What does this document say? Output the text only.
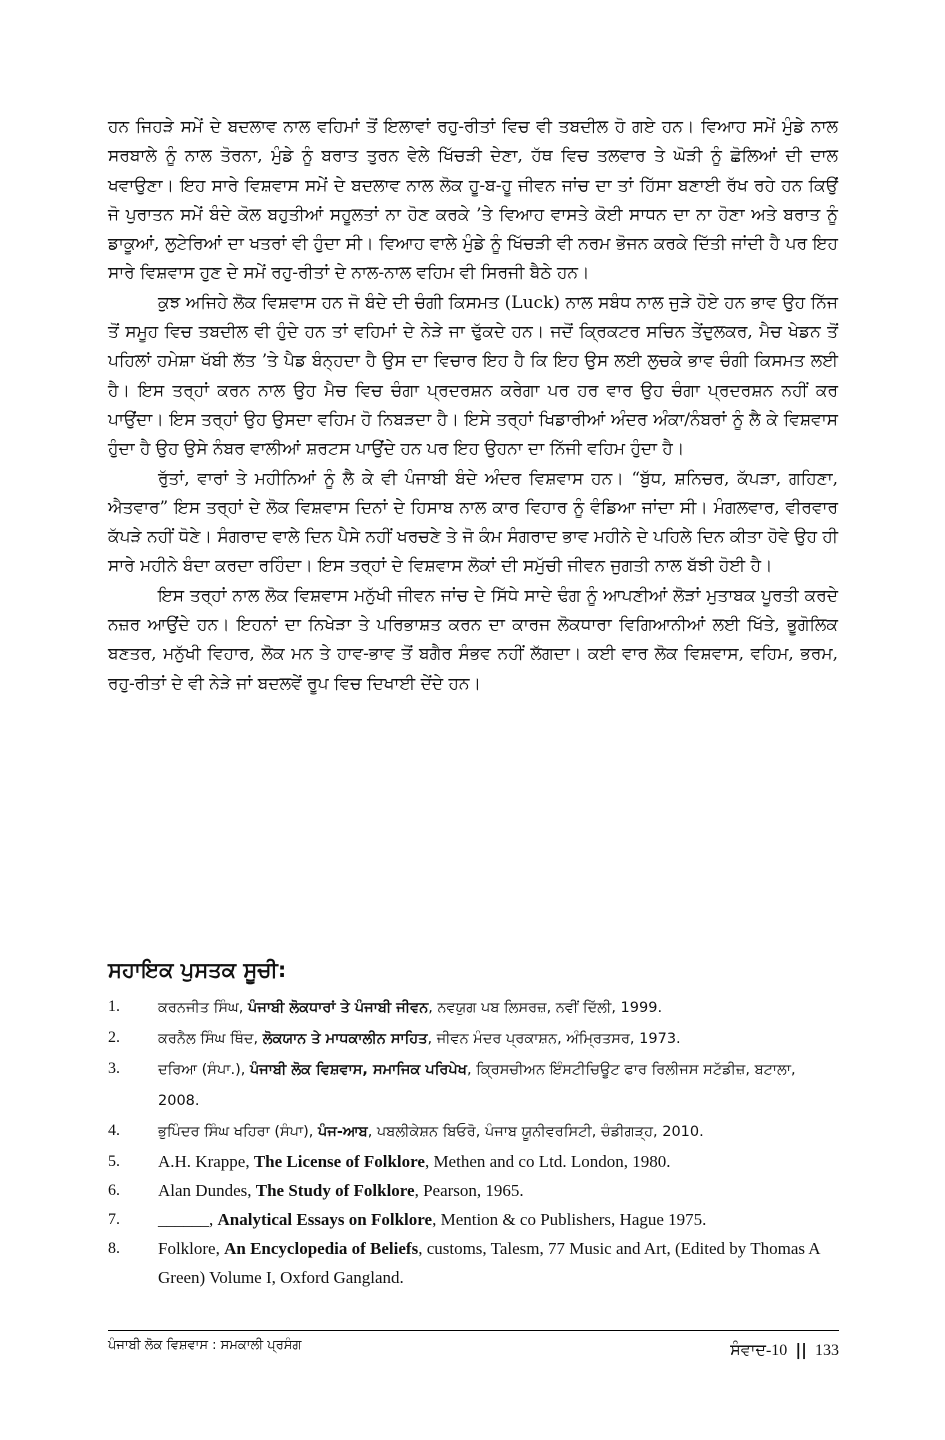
ਹਨ ਜਿਹੜੇ ਸਮੇਂ ਦੇ ਬਦਲਾਵ ਨਾਲ ਵਹਿਮਾਂ ਤੋਂ ਇਲਾਵਾਂ ਰਹੁ-ਰੀਤਾਂ ਵਿਚ ਵੀ ਤਬਦੀਲ ਹੋ ਗਏ ਹਨ। ਵਿਆਹ ਸਮੇਂ ਮੁੰਡੇ ਨਾਲ ਸਰਬਾਲੇ ਨੂੰ ਨਾਲ ਤੋਰਨਾ, ਮੁੰਡੇ ਨੂੰ ਬਰਾਤ ਤੁਰਨ ਵੇਲੇ ਖਿੱਚੜੀ ਦੇਣਾ, ਹੱਥ ਵਿਚ ਤਲਵਾਰ ਤੇ ਘੋੜੀ ਨੂੰ ਛੋਲਿਆਂ ਦੀ ਦਾਲ ਖਵਾਉਣਾ। ਇਹ ਸਾਰੇ ਵਿਸ਼ਵਾਸ ਸਮੇਂ ਦੇ ਬਦਲਾਵ ਨਾਲ ਲੋਕ ਹੂ-ਬ-ਹੂ ਜੀਵਨ ਜਾਂਚ ਦਾ ਤਾਂ ਹਿੱਸਾ ਬਣਾਈ ਰੱਖ ਰਹੇ ਹਨ ਕਿਉਂ ਜੋ ਪੁਰਾਤਨ ਸਮੇਂ ਬੰਦੇ ਕੋਲ ਬਹੁਤੀਆਂ ਸਹੂਲਤਾਂ ਨਾ ਹੋਣ ਕਰਕੇ ’ਤੇ ਵਿਆਹ ਵਾਸਤੇ ਕੋਈ ਸਾਧਨ ਦਾ ਨਾ ਹੋਣਾ ਅਤੇ ਬਰਾਤ ਨੂੰ ਡਾਕੂਆਂ, ਲੁਟੇਰਿਆਂ ਦਾ ਖਤਰਾਂ ਵੀ ਹੁੰਦਾ ਸੀ। ਵਿਆਹ ਵਾਲੇ ਮੁੰਡੇ ਨੂੰ ਖਿੱਚੜੀ ਵੀ ਨਰਮ ਭੋਜਨ ਕਰਕੇ ਦਿੱਤੀ ਜਾਂਦੀ ਹੈ ਪਰ ਇਹ ਸਾਰੇ ਵਿਸ਼ਵਾਸ ਹੁਣ ਦੇ ਸਮੇਂ ਰਹੁ-ਰੀਤਾਂ ਦੇ ਨਾਲ-ਨਾਲ ਵਹਿਮ ਵੀ ਸਿਰਜੀ ਬੈਠੇ ਹਨ।

ਕੁਝ ਅਜਿਹੇ ਲੋਕ ਵਿਸ਼ਵਾਸ ਹਨ ਜੋ ਬੰਦੇ ਦੀ ਚੰਗੀ ਕਿਸਮਤ (Luck) ਨਾਲ ਸਬੰਧ ਨਾਲ ਜੁੜੇ ਹੋਏ ਹਨ ਭਾਵ ਉਹ ਨਿੱਜ ਤੋਂ ਸਮੂਹ ਵਿਚ ਤਬਦੀਲ ਵੀ ਹੁੰਦੇ ਹਨ ਤਾਂ ਵਹਿਮਾਂ ਦੇ ਨੇੜੇ ਜਾ ਢੁੱਕਦੇ ਹਨ। ਜਦੋਂ ਕ੍ਰਿਕਟਰ ਸਚਿਨ ਤੇਂਦੁਲਕਰ, ਮੈਚ ਖੇਡਨ ਤੋਂ ਪਹਿਲਾਂ ਹਮੇਸ਼ਾ ਖੱਬੀ ਲੱਤ ’ਤੇ ਪੈਡ ਬੰਨ੍ਹਦਾ ਹੈ ਉਸ ਦਾ ਵਿਚਾਰ ਇਹ ਹੈ ਕਿ ਇਹ ਉਸ ਲਈ ਲੁਚਕੇ ਭਾਵ ਚੰਗੀ ਕਿਸਮਤ ਲਈ ਹੈ। ਇਸ ਤਰ੍ਹਾਂ ਕਰਨ ਨਾਲ ਉਹ ਮੈਚ ਵਿਚ ਚੰਗਾ ਪ੍ਰਦਰਸ਼ਨ ਕਰੇਗਾ ਪਰ ਹਰ ਵਾਰ ਉਹ ਚੰਗਾ ਪ੍ਰਦਰਸ਼ਨ ਨਹੀਂ ਕਰ ਪਾਉਂਦਾ। ਇਸ ਤਰ੍ਹਾਂ ਉਹ ਉਸਦਾ ਵਹਿਮ ਹੋ ਨਿਬੜਦਾ ਹੈ। ਇਸੇ ਤਰ੍ਹਾਂ ਖਿਡਾਰੀਆਂ ਅੰਦਰ ਅੰਕਾ/ਨੰਬਰਾਂ ਨੂੰ ਲੈ ਕੇ ਵਿਸ਼ਵਾਸ ਹੁੰਦਾ ਹੈ ਉਹ ਉਸੇ ਨੰਬਰ ਵਾਲੀਆਂ ਸ਼ਰਟਸ ਪਾਉਂਦੇ ਹਨ ਪਰ ਇਹ ਉਹਨਾ ਦਾ ਨਿੱਜੀ ਵਹਿਮ ਹੁੰਦਾ ਹੈ।

ਰੁੱਤਾਂ, ਵਾਰਾਂ ਤੇ ਮਹੀਨਿਆਂ ਨੂੰ ਲੈ ਕੇ ਵੀ ਪੰਜਾਬੀ ਬੰਦੇ ਅੰਦਰ ਵਿਸ਼ਵਾਸ ਹਨ। “ਬੁੱਧ, ਸ਼ਨਿਚਰ, ਕੱਪੜਾ, ਗਹਿਣਾ, ਐਤਵਾਰ” ਇਸ ਤਰ੍ਹਾਂ ਦੇ ਲੋਕ ਵਿਸ਼ਵਾਸ ਦਿਨਾਂ ਦੇ ਹਿਸਾਬ ਨਾਲ ਕਾਰ ਵਿਹਾਰ ਨੂੰ ਵੰਡਿਆ ਜਾਂਦਾ ਸੀ। ਮੰਗਲਵਾਰ, ਵੀਰਵਾਰ ਕੱਪੜੇ ਨਹੀਂ ਧੋਣੇ। ਸੰਗਰਾਦ ਵਾਲੇ ਦਿਨ ਪੈਸੇ ਨਹੀਂ ਖਰਚਣੇ ਤੇ ਜੋ ਕੰਮ ਸੰਗਰਾਦ ਭਾਵ ਮਹੀਨੇ ਦੇ ਪਹਿਲੇ ਦਿਨ ਕੀਤਾ ਹੋਵੇ ਉਹ ਹੀ ਸਾਰੇ ਮਹੀਨੇ ਬੰਦਾ ਕਰਦਾ ਰਹਿੰਦਾ। ਇਸ ਤਰ੍ਹਾਂ ਦੇ ਵਿਸ਼ਵਾਸ ਲੋਕਾਂ ਦੀ ਸਮੁੱਚੀ ਜੀਵਨ ਜੁਗਤੀ ਨਾਲ ਬੱਝੀ ਹੋਈ ਹੈ।

ਇਸ ਤਰ੍ਹਾਂ ਨਾਲ ਲੋਕ ਵਿਸ਼ਵਾਸ ਮਨੁੱਖੀ ਜੀਵਨ ਜਾਂਚ ਦੇ ਸਿੱਧੇ ਸਾਦੇ ਢੰਗ ਨੂੰ ਆਪਣੀਆਂ ਲੋੜਾਂ ਮੁਤਾਬਕ ਪੂਰਤੀ ਕਰਦੇ ਨਜ਼ਰ ਆਉਂਦੇ ਹਨ। ਇਹਨਾਂ ਦਾ ਨਿਖੇੜਾ ਤੇ ਪਰਿਭਾਸ਼ਤ ਕਰਨ ਦਾ ਕਾਰਜ ਲੋਕਧਾਰਾ ਵਿਗਿਆਨੀਆਂ ਲਈ ਖਿੱਤੇ, ਭੂਗੋਲਿਕ ਬਣਤਰ, ਮਨੁੱਖੀ ਵਿਹਾਰ, ਲੋਕ ਮਨ ਤੇ ਹਾਵ-ਭਾਵ ਤੋਂ ਬਗੈਰ ਸੰਭਵ ਨਹੀਂ ਲੱਗਦਾ। ਕਈ ਵਾਰ ਲੋਕ ਵਿਸ਼ਵਾਸ, ਵਹਿਮ, ਭਰਮ, ਰਹੁ-ਰੀਤਾਂ ਦੇ ਵੀ ਨੇੜੇ ਜਾਂ ਬਦਲਵੇਂ ਰੂਪ ਵਿਚ ਦਿਖਾਈ ਦੇਂਦੇ ਹਨ।

ਸਹਾਇਕ ਪੁਸਤਕ ਸੂਚੀ:
1.	ਕਰਨਜੀਤ ਸਿੰਘ, ਪੰਜਾਬੀ ਲੋਕਧਾਰਾਂ ਤੇ ਪੰਜਾਬੀ ਜੀਵਨ, ਨਵਯੁਗ ਪਬ ਲਿਸਰਜ਼, ਨਵੀਂ ਦਿੱਲੀ, 1999.
2.	ਕਰਨੈਲ ਸਿੰਘ ਥਿੰਦ, ਲੋਕਯਾਨ ਤੇ ਮਾਧਕਾਲੀਨ ਸਾਹਿਤ, ਜੀਵਨ ਮੰਦਰ ਪ੍ਰਕਾਸ਼ਨ, ਅੰਮ੍ਰਿਤਸਰ, 1973.
3.	ਦਰਿਆ (ਸੰਪਾ.), ਪੰਜਾਬੀ ਲੋਕ ਵਿਸ਼ਵਾਸ, ਸਮਾਜਿਕ ਪਰਿਪੇਖ, ਕ੍ਰਿਸਚੀਅਨ ਇੰਸਟੀਚਿਊਟ ਫਾਰ ਰਿਲੀਜਸ ਸਟੱਡੀਜ਼, ਬਟਾਲਾ, 2008.
4.	ਭੁਪਿੰਦਰ ਸਿੰਘ ਖਹਿਰਾ (ਸੰਪਾ), ਪੰਜ-ਆਬ, ਪਬਲੀਕੇਸ਼ਨ ਬਿਓਰੋ, ਪੰਜਾਬ ਯੂਨੀਵਰਸਿਟੀ, ਚੰਡੀਗੜ੍ਹ, 2010.
5. A.H. Krappe, The License of Folklore, Methen and co Ltd. London, 1980.
6. Alan Dundes, The Study of Folklore, Pearson, 1965.
7. ______, Analytical Essays on Folklore, Mention & co Publishers, Hague 1975.
8. Folklore, An Encyclopedia of Beliefs, customs, Talesm, 77 Music and Art, (Edited by Thomas A Green) Volume I, Oxford Gangland.
ਪੰਜਾਬੀ ਲੋਕ ਵਿਸ਼ਵਾਸ : ਸਮਕਾਲੀ ਪ੍ਰਸੰਗ	ਸੰਵਾਦ-10 || 133
